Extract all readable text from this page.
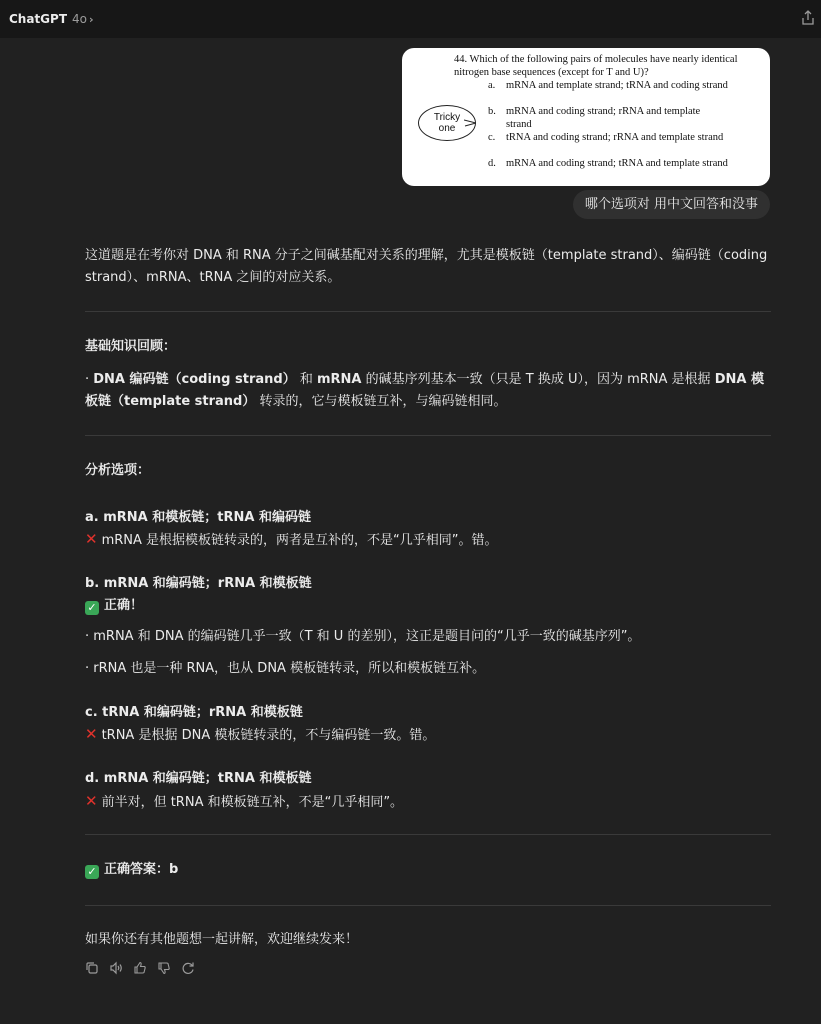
ChatGPT 4o ›
44. Which of the following pairs of molecules have nearly identical nitrogen base sequences (except for T and U)?
a. mRNA and template strand; tRNA and coding strand
b. mRNA and coding strand; rRNA and template strand
c. tRNA and coding strand; rRNA and template strand
d. mRNA and coding strand; tRNA and template strand
Tricky
one
哪个选项对 用中文回答和没事
这道题是在考你对 DNA 和 RNA 分子之间碱基配对关系的理解，尤其是模板链（template strand）、编码链（coding strand）、mRNA、tRNA 之间的对应关系。
基础知识回顾：
· DNA 编码链（coding strand） 和 mRNA 的碱基序列基本一致（只是 T 换成 U），因为 mRNA 是根据 DNA 模板链（template strand） 转录的，它与模板链互补，与编码链相同。
分析选项：
a. mRNA 和模板链；tRNA 和编码链
✕ mRNA 是根据模板链转录的，两者是互补的，不是“几乎相同”。错。
b. mRNA 和编码链；rRNA 和模板链
✓ 正确！
· mRNA 和 DNA 的编码链几乎一致（T 和 U 的差别），这正是题目问的“几乎一致的碱基序列”。
· rRNA 也是一种 RNA，也从 DNA 模板链转录，所以和模板链互补。
c. tRNA 和编码链；rRNA 和模板链
✕ tRNA 是根据 DNA 模板链转录的，不与编码链一致。错。
d. mRNA 和编码链；tRNA 和模板链
✕ 前半对，但 tRNA 和模板链互补，不是“几乎相同”。
✓ 正确答案：b
如果你还有其他题想一起讲解，欢迎继续发来！
